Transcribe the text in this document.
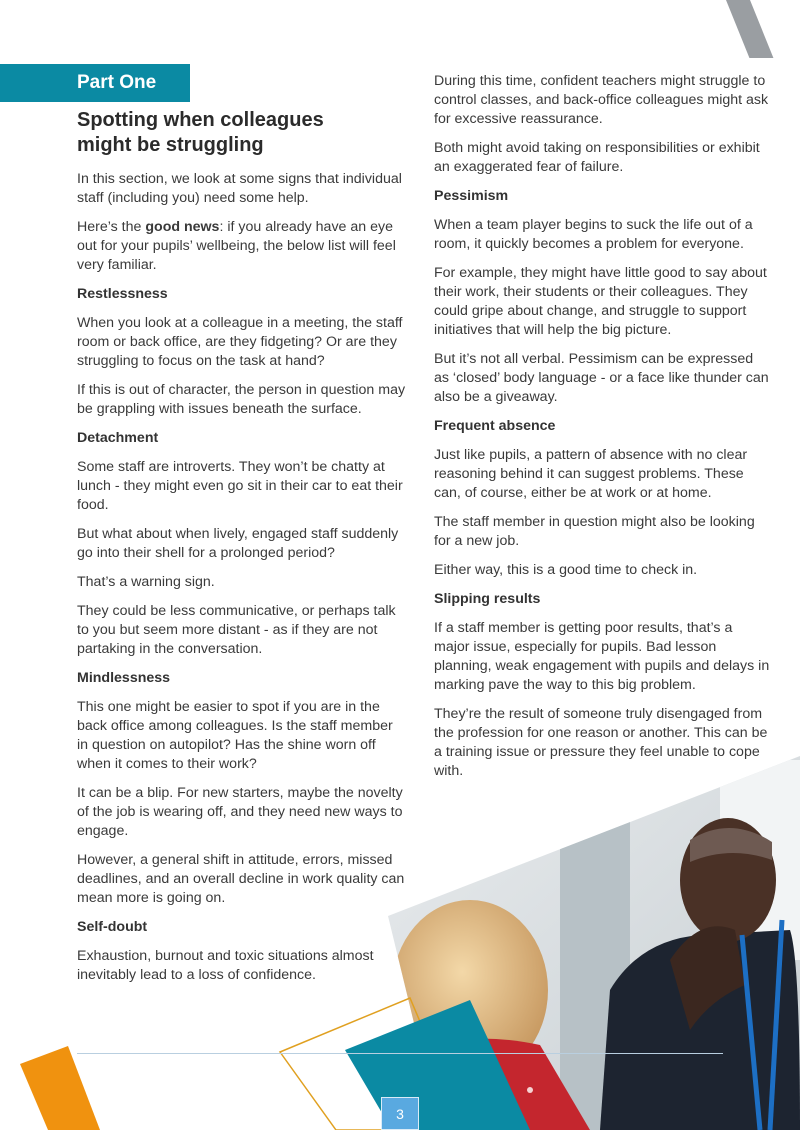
Part One
Spotting when colleagues
might be struggling

In this section, we look at some signs that individual staff (including you) need some help.

Here’s the good news: if you already have an eye out for your pupils’ wellbeing, the below list will feel very familiar.

Restlessness

When you look at a colleague in a meeting, the staff room or back office, are they fidgeting? Or are they struggling to focus on the task at hand?

If this is out of character, the person in question may be grappling with issues beneath the surface.

Detachment

Some staff are introverts. They won’t be chatty at lunch - they might even go sit in their car to eat their food.

But what about when lively, engaged staff suddenly go into their shell for a prolonged period?

That’s a warning sign.

They could be less communicative, or perhaps talk to you but seem more distant - as if they are not partaking in the conversation.

Mindlessness

This one might be easier to spot if you are in the back office among colleagues. Is the staff member in question on autopilot? Has the shine worn off when it comes to their work?

It can be a blip. For new starters, maybe the novelty of the job is wearing off, and they need new ways to engage.

However, a general shift in attitude, errors, missed deadlines, and an overall decline in work quality can mean more is going on.

Self-doubt

Exhaustion, burnout and toxic situations almost inevitably lead to a loss of confidence.

During this time, confident teachers might struggle to control classes, and back-office colleagues might ask for excessive reassurance.

Both might avoid taking on responsibilities or exhibit an exaggerated fear of failure.

Pessimism

When a team player begins to suck the life out of a room, it quickly becomes a problem for everyone.

For example, they might have little good to say about their work, their students or their colleagues. They could gripe about change, and struggle to support initiatives that will help the big picture.

But it’s not all verbal. Pessimism can be expressed as ‘closed’ body language - or a face like thunder can also be a giveaway.

Frequent absence

Just like pupils, a pattern of absence with no clear reasoning behind it can suggest problems. These can, of course, either be at work or at home.

The staff member in question might also be looking for a new job.

Either way, this is a good time to check in.

Slipping results

If a staff member is getting poor results, that’s a major issue, especially for pupils. Bad lesson planning, weak engagement with pupils and delays in marking pave the way to this big problem.

They’re the result of someone truly disengaged from the profession for one reason or another. This can be a training issue or pressure they feel unable to cope with.

3
